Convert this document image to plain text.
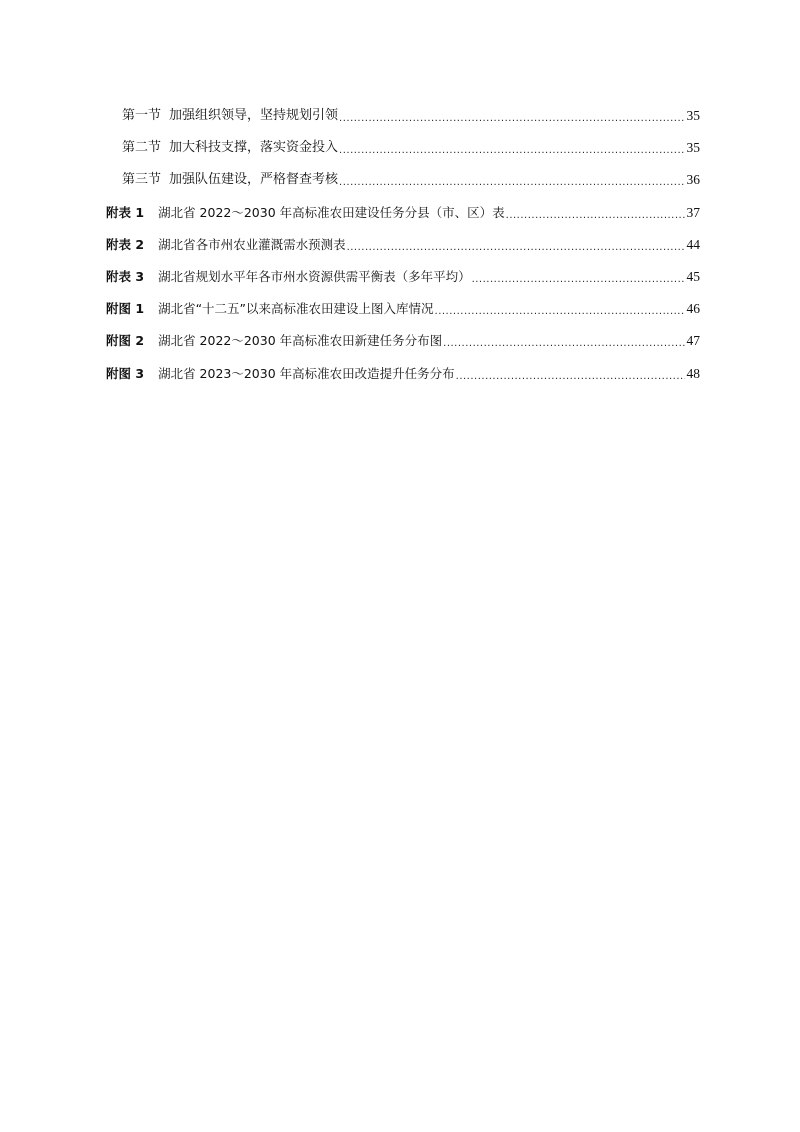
第一节 加强组织领导，坚持规划引领 .....	35
第二节 加大科技支撑，落实资金投入 .....	35
第三节 加强队伍建设，严格督查考核 .....	36
附表 1 湖北省 2022～2030 年高标准农田建设任务分县（市、区）表 .....	37
附表 2 湖北省各市州农业灌溉需水预测表 .....	44
附表 3 湖北省规划水平年各市州水资源供需平衡表（多年平均） .....	45
附图 1 湖北省“十二五”以来高标准农田建设上图入库情况 .....	46
附图 2 湖北省 2022～2030 年高标准农田新建任务分布图 .....	47
附图 3 湖北省 2023～2030 年高标准农田改造提升任务分布 .....	48
